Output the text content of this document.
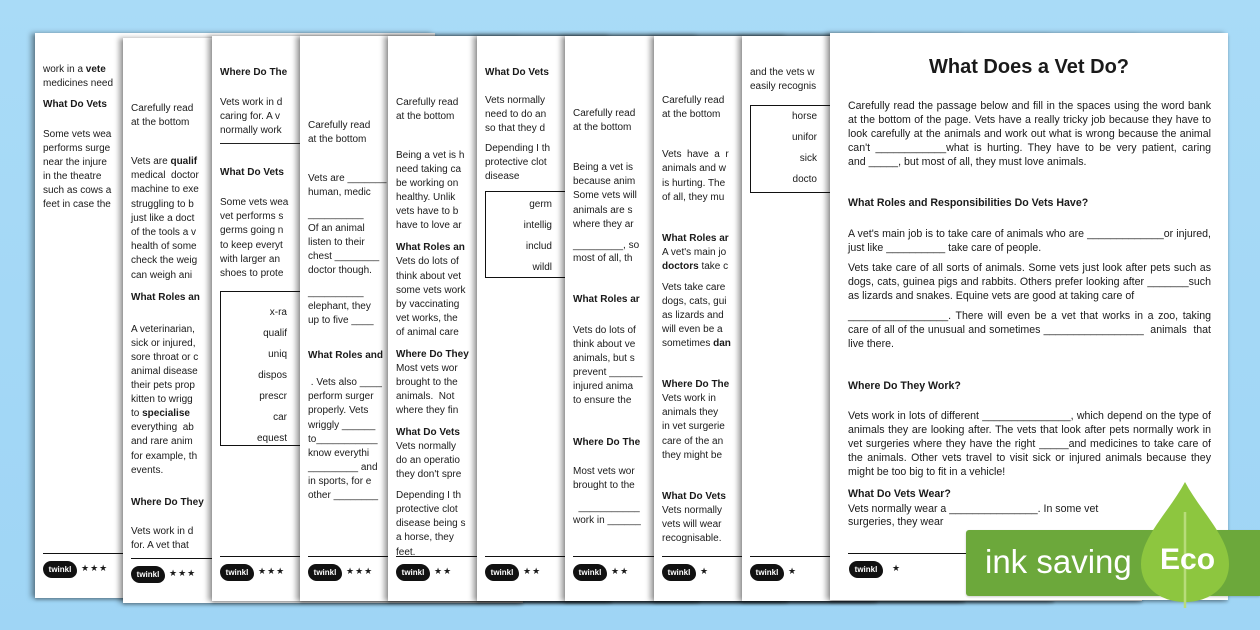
work in a vete
medicines need
What Do Vets
Some vets wea
performs surge
near the injure
in the theatre
such as cows a
feet in case the
twinkl	★★★
Carefully read
at the bottom
Vets are qualif
medical  doctor
machine to exe
struggling to b
just like a doct
of the tools a v
health of some
check the weig
can weigh ani
What Roles an
A veterinarian,
sick or injured,
sore throat or c
animal disease
their pets prop
kitten to wrigg
to specialise
everything  ab
and rare anim
for example, th
events.
Where Do They
Vets work in d
for. A vet that
twinkl	★★★
Where Do The
Vets work in d
caring for. A v
normally work
What Do Vets
Some vets wea
vet performs s
germs going n
to keep everyt
with larger an
shoes to prote
x-ra
qualif
uniq
dispos
prescr
car
equest
twinkl	★★★
Carefully read
at the bottom
Vets are _______
human, medic
__________
Of an animal
listen to their
chest ________
doctor though.
__________
elephant, they
up to five ____
What Roles and
. Vets also ____
perform surger
properly. Vets
wriggly ______
to___________
know everythi
_________ and
in sports, for e
other ________
twinkl	★★★
Carefully read
at the bottom
Being a vet is h
need taking ca
be working on
healthy. Unlik
vets have to b
have to love ar
What Roles an
Vets do lots of
think about vet
some vets work
by vaccinating
vet works, the
of animal care
Where Do They
Most vets wor
brought to the
animals.  Not
where they fin
What Do Vets
Vets normally
do an operatio
they don't spre
Depending I th
protective clot
disease being s
a horse, they
feet.
twinkl	★★
What Do Vets
Vets normally
need to do an
so that they d
Depending I th
protective clot
disease
germ
intellig
includ
wildl
twinkl	★★
Carefully read
at the bottom
Being a vet is
because anim
Some vets will
animals are s
where they ar
_________, so
most of all, th
What Roles ar
Vets do lots of
think about ve
animals, but s
prevent ______
injured anima
to ensure the
Where Do The
Most vets wor
brought to the
___________
work in ______
twinkl	★★
Carefully read
at the bottom
Vets  have  a  r
animals and w
is hurting. The
of all, they mu
What Roles ar
A vet's main jo
doctors take c
Vets take care
dogs, cats, gui
as lizards and
will even be a
sometimes dan
Where Do The
Vets work in
animals they
in vet surgerie
care of the an
they might be
What Do Vets
Vets normally
vets will wear
recognisable.
twinkl	★
and the vets w
easily recognis
horse
unifor
sick
docto
twinkl	★
What Does a Vet Do?
Carefully read the passage below and fill in the spaces using the word bank
at the bottom of the page. Vets have a really tricky job because they have to
look carefully at the animals and work out what is wrong because the animal
can't ____________what is hurting. They have to be very patient, caring
and _____, but most of all, they must love animals.
What Roles and Responsibilities Do Vets Have?
A vet's main job is to take care of animals who are _____________or injured,
just like __________ take care of people.
Vets take care of all sorts of animals. Some vets just look after pets such as
dogs, cats, guinea pigs and rabbits. Others prefer looking after _______such
as lizards and snakes. Equine vets are good at taking care of
_________________. There will even be a vet that works in a zoo, taking
care of all of the unusual and sometimes _________________  animals  that
live there.
Where Do They Work?
Vets work in lots of different _______________, which depend on the type of
animals they are looking after. The vets that look after pets normally work in
vet surgeries where they have the right _____and medicines to take care of
the animals. Other vets travel to visit sick or injured animals because they
might be too big to fit in a vehicle!
What Do Vets Wear?
Vets normally wear a _______________. In some vet surgeries, they wear
twinkl	★	ink saving Eco
